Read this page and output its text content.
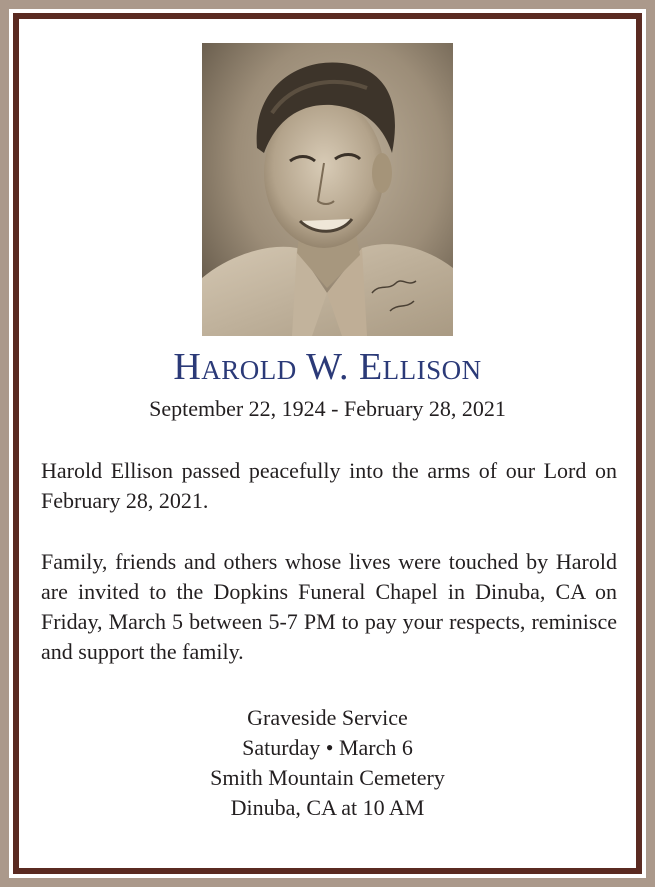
Harold W. Ellison
September 22, 1924 - February 28, 2021

Harold Ellison passed peacefully into the arms of our Lord on February 28, 2021.

Family, friends and others whose lives were touched by Harold are invited to the Dopkins Funeral Chapel in Dinuba, CA on Friday, March 5 between 5-7 PM to pay your respects, reminisce and support the family.

Graveside Service
Saturday • March 6
Smith Mountain Cemetery
Dinuba, CA at 10 AM
